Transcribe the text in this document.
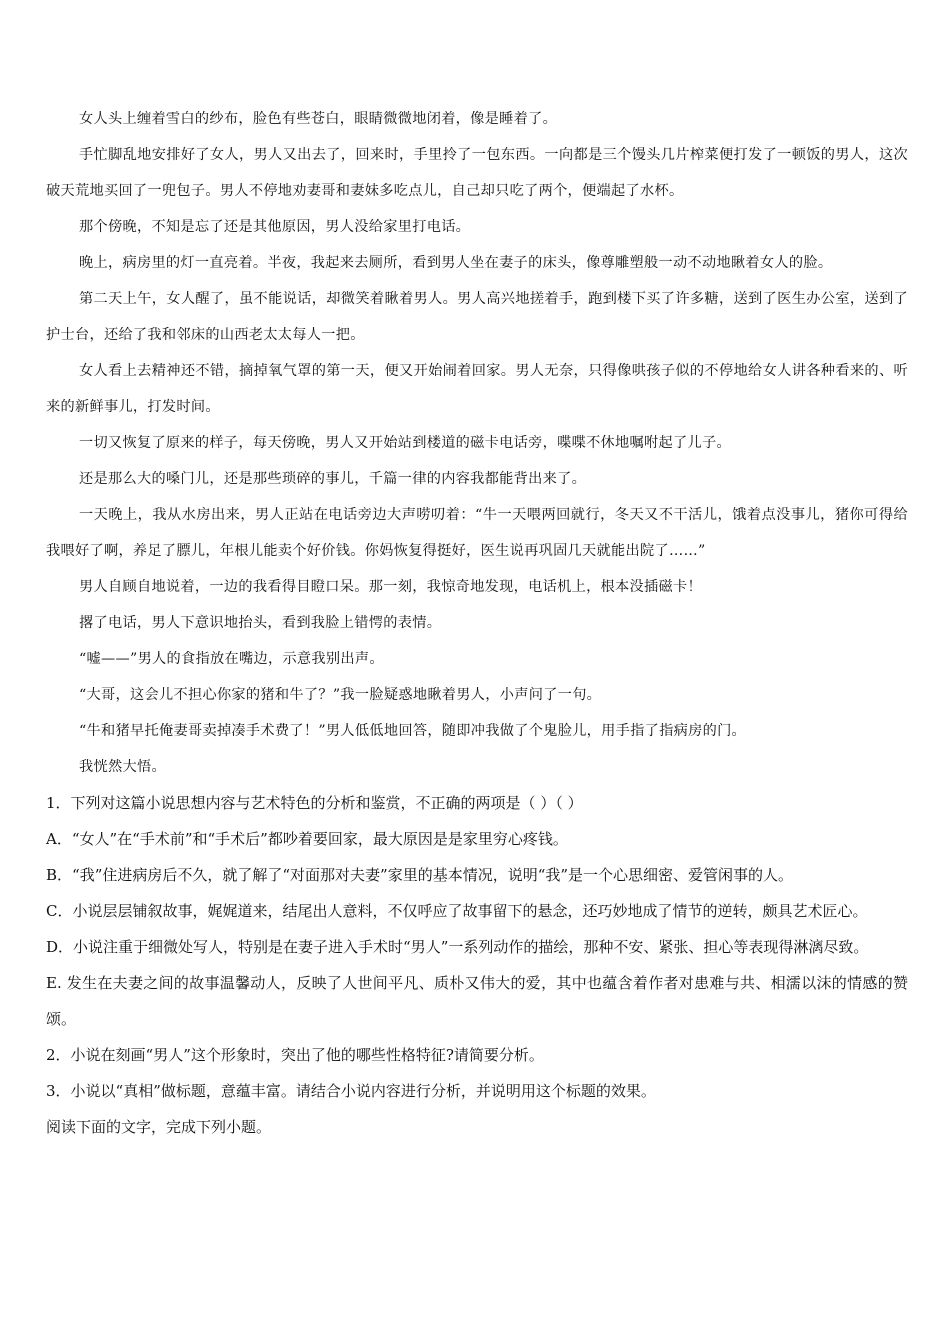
女人头上缠着雪白的纱布，脸色有些苍白，眼睛微微地闭着，像是睡着了。

手忙脚乱地安排好了女人，男人又出去了，回来时，手里拎了一包东西。一向都是三个馒头几片榨菜便打发了一顿饭的男人，这次破天荒地买回了一兜包子。男人不停地劝妻哥和妻妹多吃点儿，自己却只吃了两个，便端起了水杯。

那个傍晚，不知是忘了还是其他原因，男人没给家里打电话。

晚上，病房里的灯一直亮着。半夜，我起来去厕所，看到男人坐在妻子的床头，像尊雕塑般一动不动地瞅着女人的脸。

第二天上午，女人醒了，虽不能说话，却微笑着瞅着男人。男人高兴地搓着手，跑到楼下买了许多糖，送到了医生办公室，送到了护士台，还给了我和邻床的山西老太太每人一把。

女人看上去精神还不错，摘掉氧气罩的第一天，便又开始闹着回家。男人无奈，只得像哄孩子似的不停地给女人讲各种看来的、听来的新鲜事儿，打发时间。

一切又恢复了原来的样子，每天傍晚，男人又开始站到楼道的磁卡电话旁，喋喋不休地嘱咐起了儿子。

还是那么大的嗓门儿，还是那些琐碎的事儿，千篇一律的内容我都能背出来了。

一天晚上，我从水房出来，男人正站在电话旁边大声唠叨着：“牛一天喂两回就行，冬天又不干活儿，饿着点没事儿，猪你可得给我喂好了啊，养足了膘儿，年根儿能卖个好价钱。你妈恢复得挺好，医生说再巩固几天就能出院了……”

男人自顾自地说着，一边的我看得目瞪口呆。那一刻，我惊奇地发现，电话机上，根本没插磁卡！

撂了电话，男人下意识地抬头，看到我脸上错愕的表情。

“嘘——”男人的食指放在嘴边，示意我别出声。

“大哥，这会儿不担心你家的猪和牛了？”我一脸疑惑地瞅着男人，小声问了一句。

“牛和猪早托俺妻哥卖掉凑手术费了！”男人低低地回答，随即冲我做了个鬼脸儿，用手指了指病房的门。

我恍然大悟。

1．下列对这篇小说思想内容与艺术特色的分析和鉴赏，不正确的两项是（ ）（ ）

A．“女人”在“手术前”和“手术后”都吵着要回家，最大原因是是家里穷心疼钱。

B．“我”住进病房后不久，就了解了“对面那对夫妻”家里的基本情况，说明“我”是一个心思细密、爱管闲事的人。

C．小说层层铺叙故事，娓娓道来，结尾出人意料，不仅呼应了故事留下的悬念，还巧妙地成了情节的逆转，颇具艺术匠心。

D．小说注重于细微处写人，特别是在妻子进入手术时“男人”一系列动作的描绘，那种不安、紧张、担心等表现得淋漓尽致。

E. 发生在夫妻之间的故事温馨动人，反映了人世间平凡、质朴又伟大的爱，其中也蕴含着作者对患难与共、相濡以沫的情感的赞颂。

2．小说在刻画“男人”这个形象时，突出了他的哪些性格特征?请简要分析。

3．小说以“真相”做标题，意蕴丰富。请结合小说内容进行分析，并说明用这个标题的效果。

阅读下面的文字，完成下列小题。
